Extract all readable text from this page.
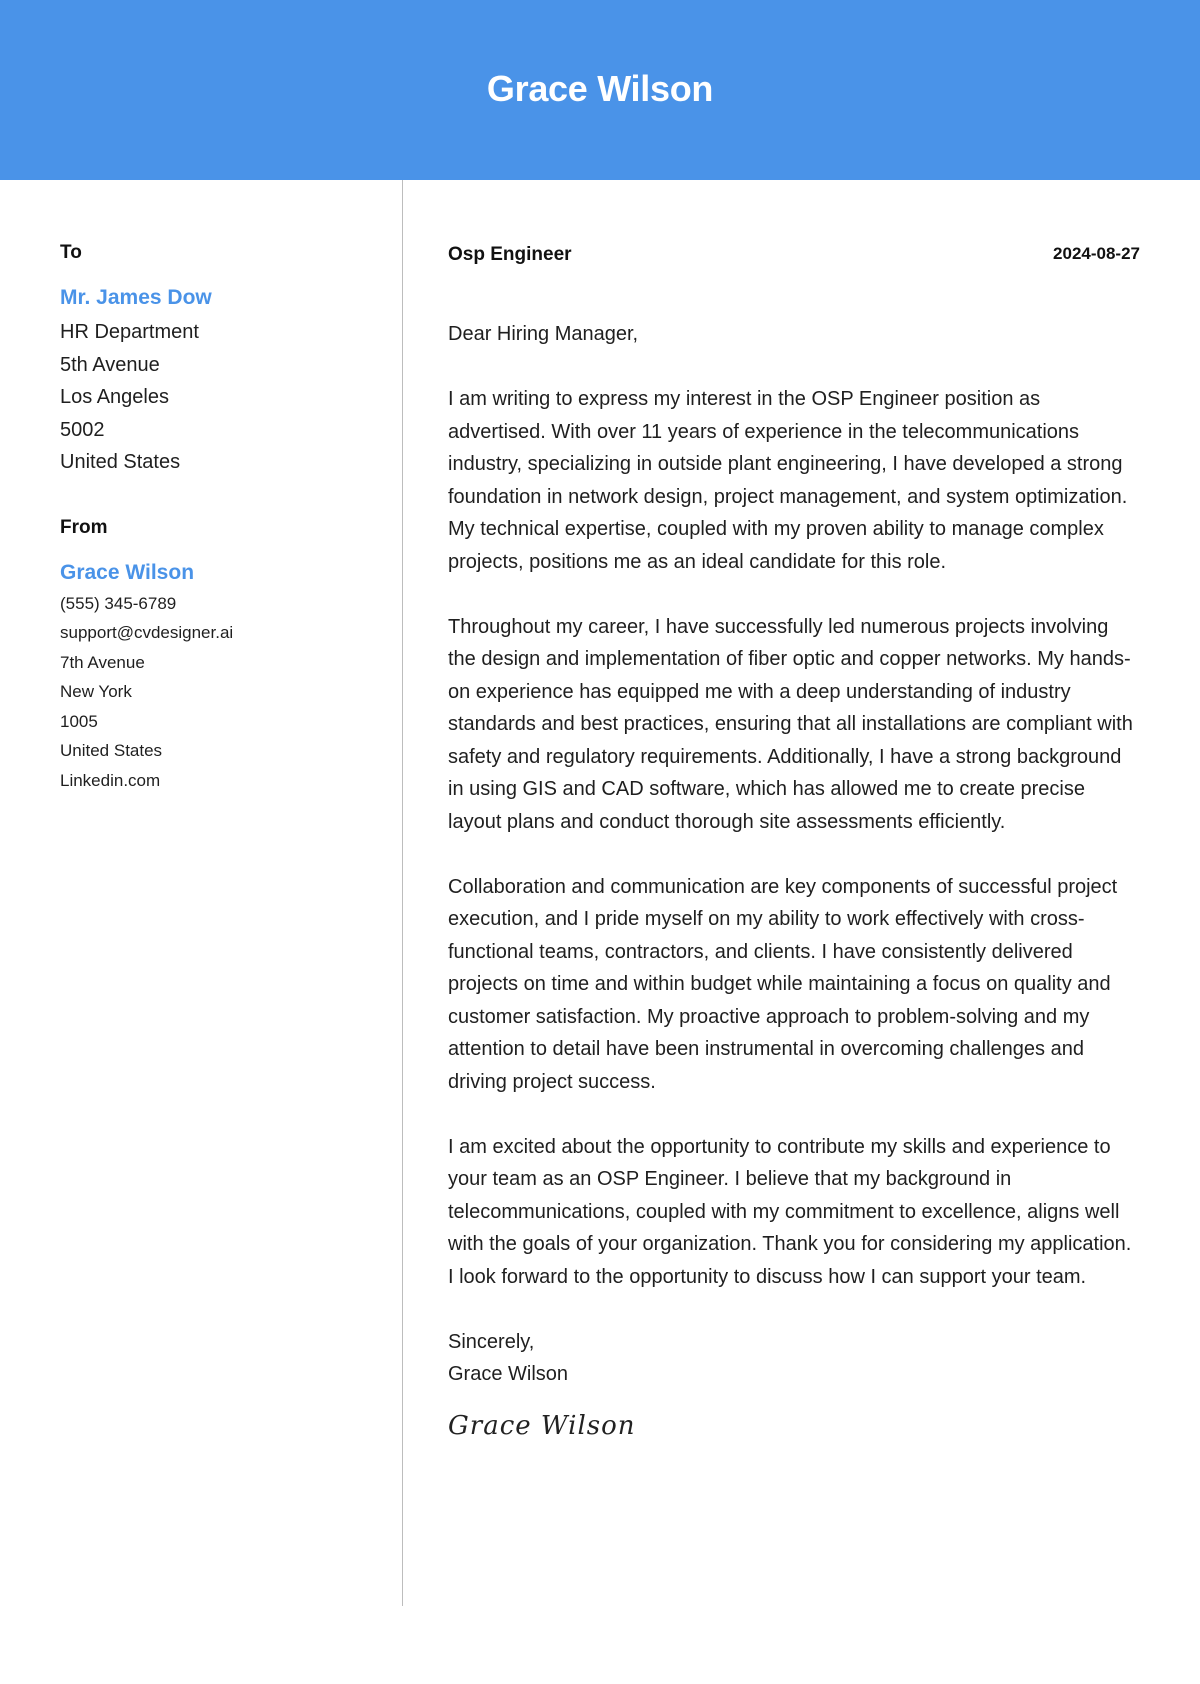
Grace Wilson
To
Mr. James Dow
HR Department
5th Avenue
Los Angeles
5002
United States
From
Grace Wilson
(555) 345-6789
support@cvdesigner.ai
7th Avenue
New York
1005
United States
Linkedin.com
Osp Engineer	2024-08-27
Dear Hiring Manager,
I am writing to express my interest in the OSP Engineer position as advertised. With over 11 years of experience in the telecommunications industry, specializing in outside plant engineering, I have developed a strong foundation in network design, project management, and system optimization. My technical expertise, coupled with my proven ability to manage complex projects, positions me as an ideal candidate for this role.
Throughout my career, I have successfully led numerous projects involving the design and implementation of fiber optic and copper networks. My hands-on experience has equipped me with a deep understanding of industry standards and best practices, ensuring that all installations are compliant with safety and regulatory requirements. Additionally, I have a strong background in using GIS and CAD software, which has allowed me to create precise layout plans and conduct thorough site assessments efficiently.
Collaboration and communication are key components of successful project execution, and I pride myself on my ability to work effectively with cross-functional teams, contractors, and clients. I have consistently delivered projects on time and within budget while maintaining a focus on quality and customer satisfaction. My proactive approach to problem-solving and my attention to detail have been instrumental in overcoming challenges and driving project success.
I am excited about the opportunity to contribute my skills and experience to your team as an OSP Engineer. I believe that my background in telecommunications, coupled with my commitment to excellence, aligns well with the goals of your organization. Thank you for considering my application. I look forward to the opportunity to discuss how I can support your team.
Sincerely,
Grace Wilson
Grace Wilson
